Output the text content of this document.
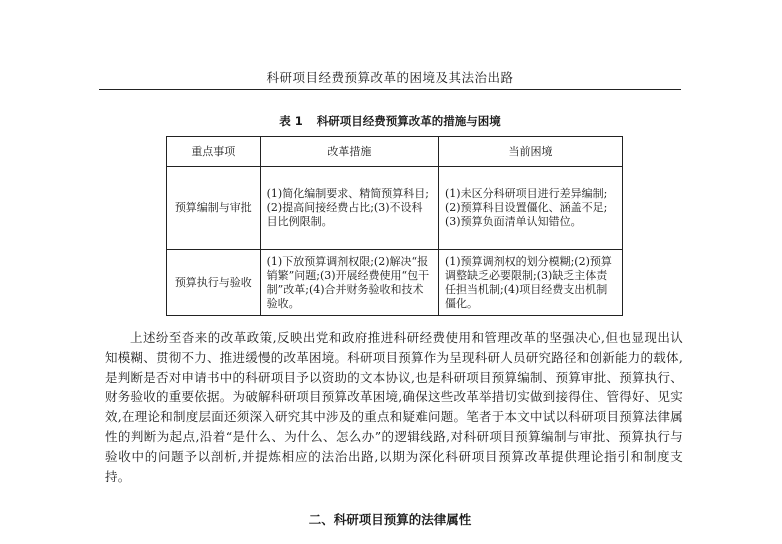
科研项目经费预算改革的困境及其法治出路
表 1 科研项目经费预算改革的措施与困境
重点事项	改革措施	当前困境
预算编制与审批	(1)简化编制要求、精简预算科目;(2)提高间接经费占比;(3)不设科目比例限制。	(1)未区分科研项目进行差异编制;(2)预算科目设置僵化、涵盖不足;(3)预算负面清单认知错位。
预算执行与验收	(1)下放预算调剂权限;(2)解决“报销繁”问题;(3)开展经费使用“包干制”改革;(4)合并财务验收和技术验收。	(1)预算调剂权的划分模糊;(2)预算调整缺乏必要限制;(3)缺乏主体责任担当机制;(4)项目经费支出机制僵化。

上述纷至沓来的改革政策,反映出党和政府推进科研经费使用和管理改革的坚强决心,但也显现出认知模糊、贯彻不力、推进缓慢的改革困境。科研项目预算作为呈现科研人员研究路径和创新能力的载体,是判断是否对申请书中的科研项目予以资助的文本协议,也是科研项目预算编制、预算审批、预算执行、财务验收的重要依据。为破解科研项目预算改革困境,确保这些改革举措切实做到接得住、管得好、见实效,在理论和制度层面还须深入研究其中涉及的重点和疑难问题。笔者于本文中试以科研项目预算法律属性的判断为起点,沿着“是什么、为什么、怎么办”的逻辑线路,对科研项目预算编制与审批、预算执行与验收中的问题予以剖析,并提炼相应的法治出路,以期为深化科研项目预算改革提供理论指引和制度支持。

二、科研项目预算的法律属性
